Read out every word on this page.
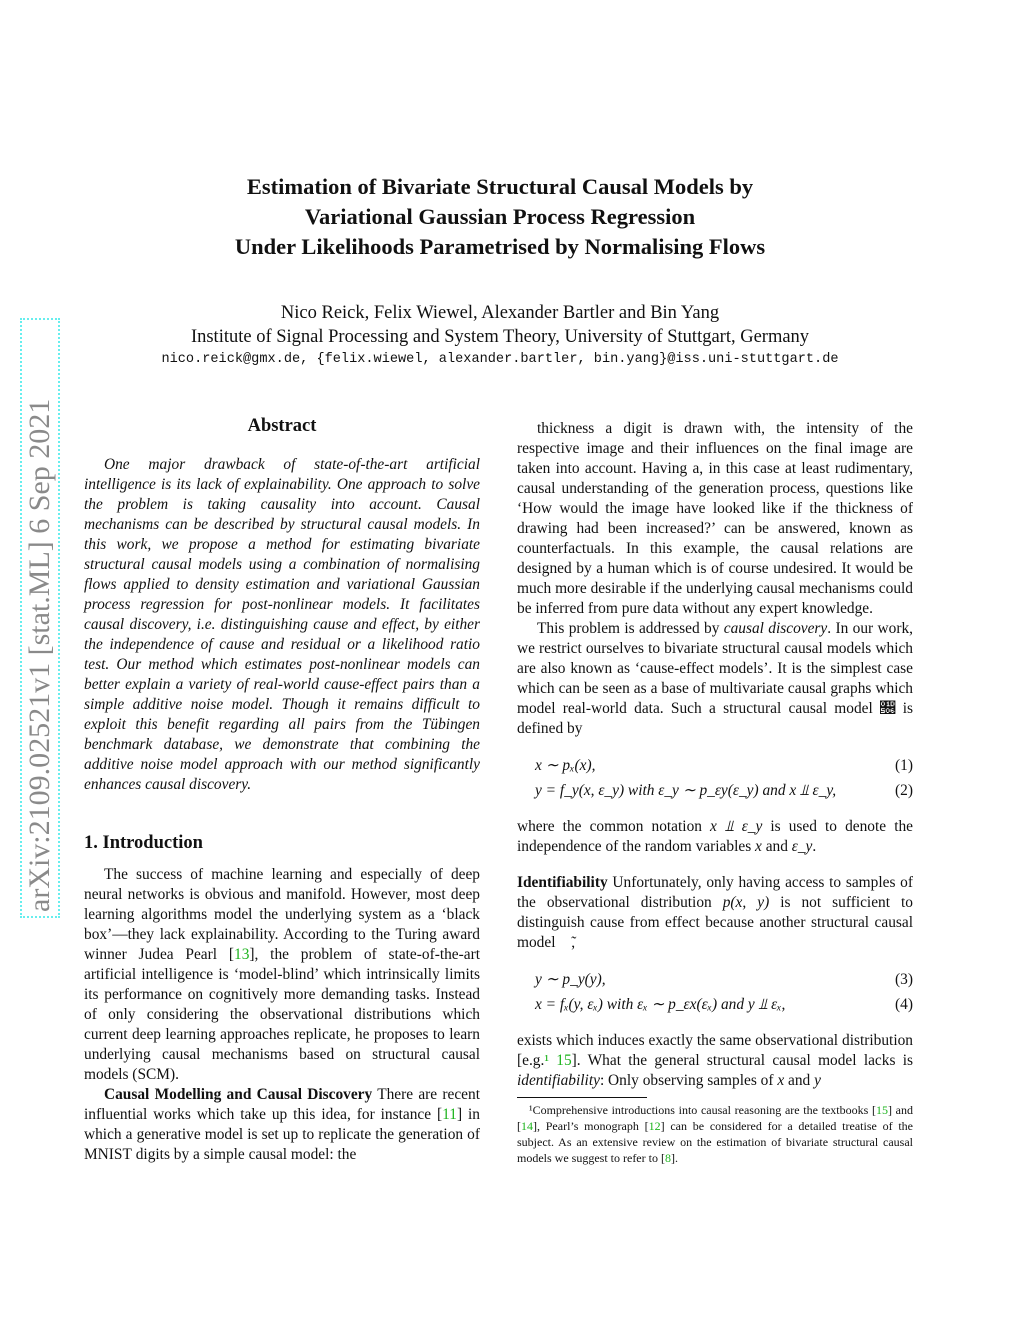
Estimation of Bivariate Structural Causal Models by
Variational Gaussian Process Regression
Under Likelihoods Parametrised by Normalising Flows
Nico Reick, Felix Wiewel, Alexander Bartler and Bin Yang
Institute of Signal Processing and System Theory, University of Stuttgart, Germany
nico.reick@gmx.de, {felix.wiewel, alexander.bartler, bin.yang}@iss.uni-stuttgart.de
arXiv:2109.02521v1 [stat.ML] 6 Sep 2021	Abstract

One major drawback of state-of-the-art artificial intelligence is its lack of explainability. One approach to solve the problem is taking causality into account. Causal mechanisms can be described by structural causal models. In this work, we propose a method for estimating bivariate structural causal models using a combination of normalising flows applied to density estimation and variational Gaussian process regression for post-nonlinear models. It facilitates causal discovery, i.e. distinguishing cause and effect, by either the independence of cause and residual or a likelihood ratio test. Our method which estimates post-nonlinear models can better explain a variety of real-world cause-effect pairs than a simple additive noise model. Though it remains difficult to exploit this benefit regarding all pairs from the Tübingen benchmark database, we demonstrate that combining the additive noise model approach with our method significantly enhances causal discovery.

1. Introduction

The success of machine learning and especially of deep neural networks is obvious and manifold. However, most deep learning algorithms model the underlying system as a ‘black box’—they lack explainability. According to the Turing award winner Judea Pearl [13], the problem of state-of-the-art artificial intelligence is ‘model-blind’ which intrinsically limits its performance on cognitively more demanding tasks. Instead of only considering the observational distributions which current deep learning approaches replicate, he proposes to learn underlying causal mechanisms based on structural causal models (SCM).

Causal Modelling and Causal Discovery There are recent influential works which take up this idea, for instance [11] in which a generative model is set up to replicate the generation of MNIST digits by a simple causal model: the

thickness a digit is drawn with, the intensity of the respective image and their influences on the final image are taken into account. Having a, in this case at least rudimentary, causal understanding of the generation process, questions like ‘How would the image have looked like if the thickness of drawing had been increased?’ can be answered, known as counterfactuals. In this example, the causal relations are designed by a human which is of course undesired. It would be much more desirable if the underlying causal mechanisms could be inferred from pure data without any expert knowledge.

This problem is addressed by causal discovery. In our work, we restrict ourselves to bivariate structural causal models which are also known as ‘cause-effect models’. It is the simplest case which can be seen as a base of multivariate causal graphs which model real-world data. Such a structural causal model 𝔆 is defined by

x ∼ pₓ(x),	(1)
y = f_y(x, ε_y) with ε_y ∼ p_εy(ε_y) and x ⫫ ε_y,	(2)

where the common notation x ⫫ ε_y is used to denote the independence of the random variables x and ε_y.

Identifiability Unfortunately, only having access to samples of the observational distribution p(x, y) is not sufficient to distinguish cause from effect because another structural causal model 𝔆̃,

y ∼ p_y(y),	(3)
x = fₓ(y, εₓ) with εₓ ∼ p_εx(εₓ) and y ⫫ εₓ,	(4)

exists which induces exactly the same observational distribution [e.g.¹ 15]. What the general structural causal model lacks is identifiability: Only observing samples of x and y

¹Comprehensive introductions into causal reasoning are the textbooks [15] and [14], Pearl’s monograph [12] can be considered for a detailed treatise of the subject. As an extensive review on the estimation of bivariate structural causal models we suggest to refer to [8].
